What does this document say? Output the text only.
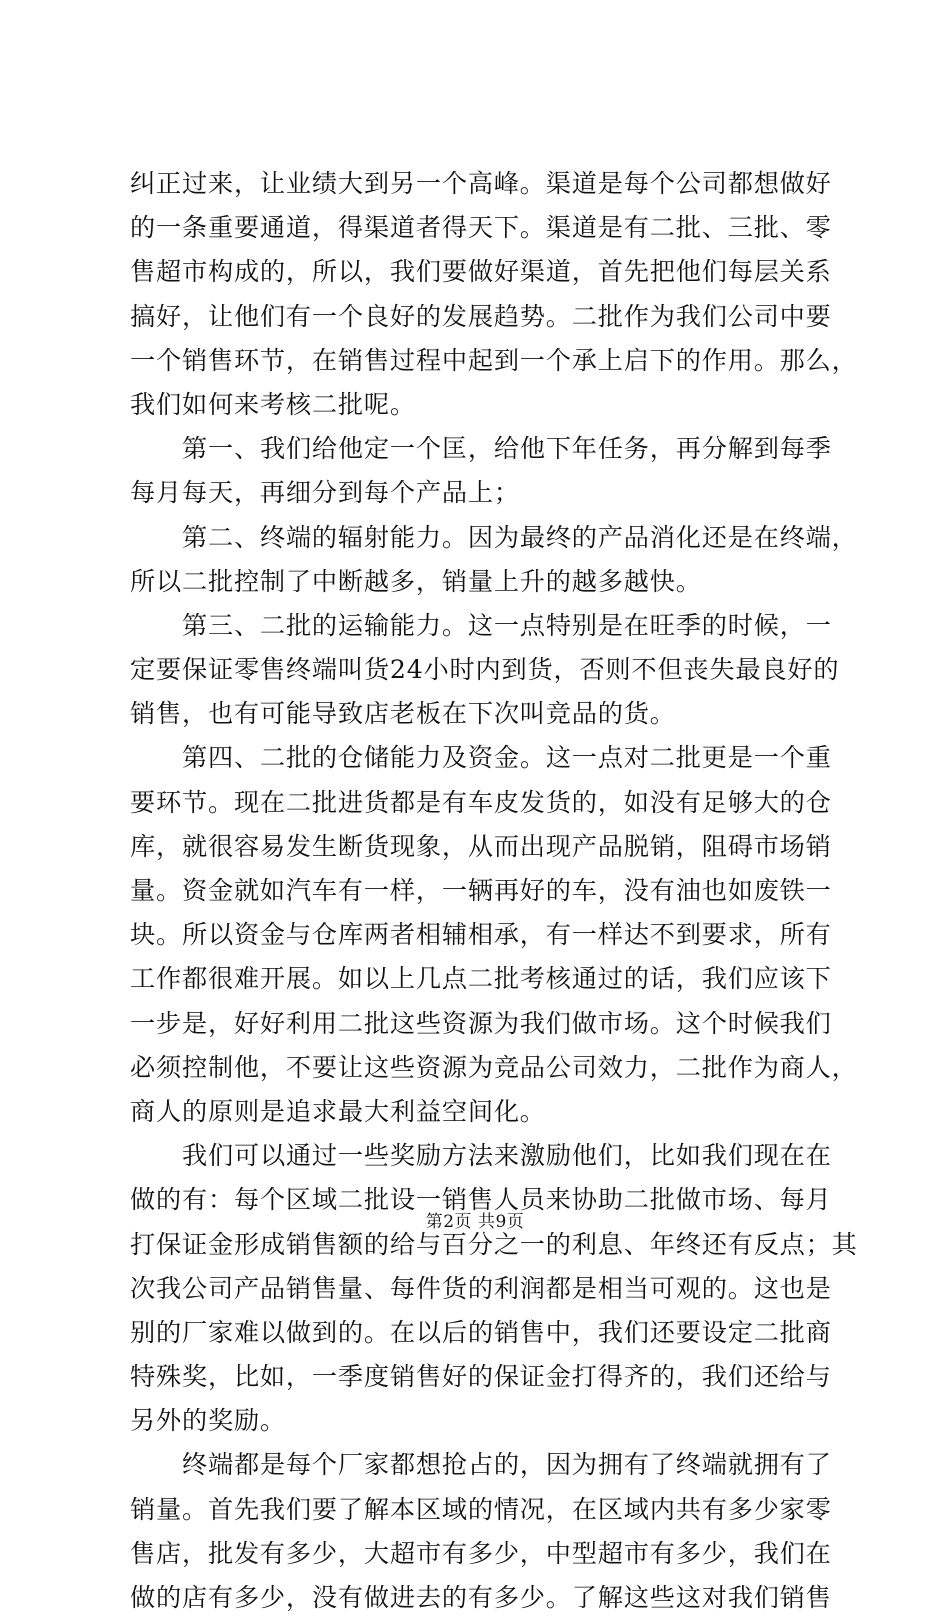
纠正过来，让业绩大到另一个高峰。渠道是每个公司都想做好
的一条重要通道，得渠道者得天下。渠道是有二批、三批、零
售超市构成的，所以，我们要做好渠道，首先把他们每层关系
搞好，让他们有一个良好的发展趋势。二批作为我们公司中要
一个销售环节，在销售过程中起到一个承上启下的作用。那么，
我们如何来考核二批呢。
第一、我们给他定一个匡，给他下年任务，再分解到每季
每月每天，再细分到每个产品上；
第二、终端的辐射能力。因为最终的产品消化还是在终端，
所以二批控制了中断越多，销量上升的越多越快。
第三、二批的运输能力。这一点特别是在旺季的时候，一
定要保证零售终端叫货24小时内到货，否则不但丧失最良好的
销售，也有可能导致店老板在下次叫竞品的货。
第四、二批的仓储能力及资金。这一点对二批更是一个重
要环节。现在二批进货都是有车皮发货的，如没有足够大的仓
库，就很容易发生断货现象，从而出现产品脱销，阻碍市场销
量。资金就如汽车有一样，一辆再好的车，没有油也如废铁一
块。所以资金与仓库两者相辅相承，有一样达不到要求，所有
工作都很难开展。如以上几点二批考核通过的话，我们应该下
一步是，好好利用二批这些资源为我们做市场。这个时候我们
必须控制他，不要让这些资源为竞品公司效力，二批作为商人，
商人的原则是追求最大利益空间化。
我们可以通过一些奖励方法来激励他们，比如我们现在在
做的有：每个区域二批设一销售人员来协助二批做市场、每月
打保证金形成销售额的给与百分之一的利息、年终还有反点；其
次我公司产品销售量、每件货的利润都是相当可观的。这也是
别的厂家难以做到的。在以后的销售中，我们还要设定二批商
特殊奖，比如，一季度销售好的保证金打得齐的，我们还给与
另外的奖励。
终端都是每个厂家都想抢占的，因为拥有了终端就拥有了
销量。首先我们要了解本区域的情况，在区域内共有多少家零
售店，批发有多少，大超市有多少，中型超市有多少，我们在
做的店有多少，没有做进去的有多少。了解这些这对我们销售
第2页 共9页
